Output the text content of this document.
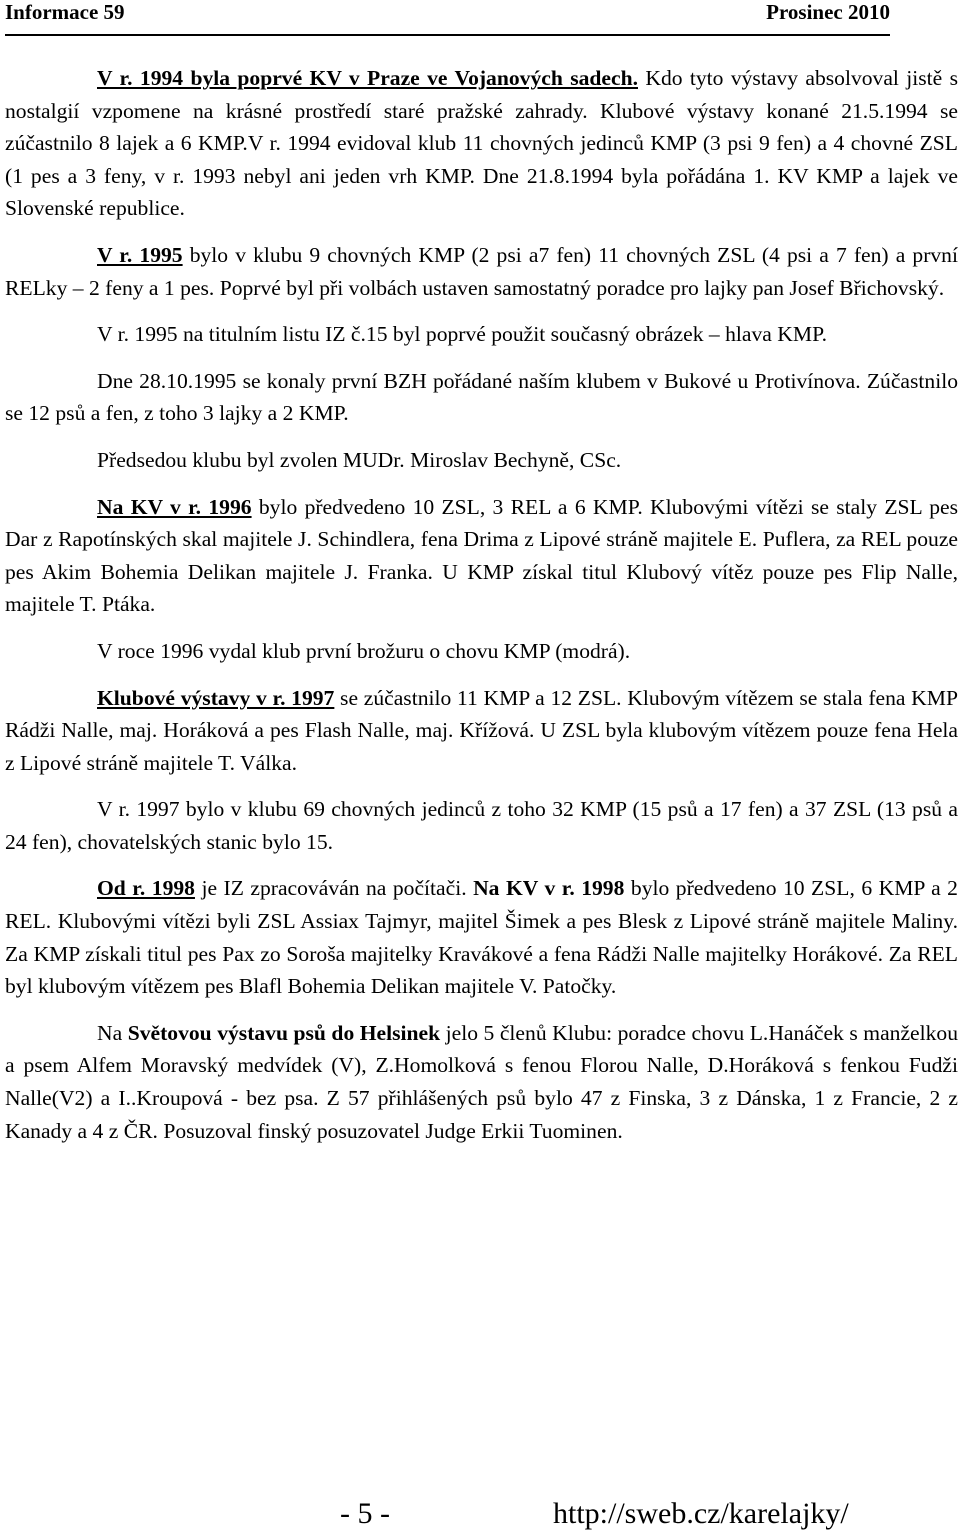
Informace 59	Prosinec 2010

V r. 1994 byla poprvé KV v Praze ve Vojanových sadech. Kdo tyto výstavy absolvoval jistě s nostalgií vzpomene na krásné prostředí staré pražské zahrady. Klubové výstavy konané 21.5.1994 se zúčastnilo 8 lajek a 6 KMP.V r. 1994 evidoval klub 11 chovných jedinců KMP (3 psi 9 fen) a 4 chovné ZSL (1 pes a 3 feny, v r. 1993 nebyl ani jeden vrh KMP. Dne 21.8.1994 byla pořádána 1. KV KMP a lajek ve Slovenské republice.

V r. 1995 bylo v klubu 9 chovných KMP (2 psi a7 fen) 11 chovných ZSL (4 psi a 7 fen) a první RELky – 2 feny a 1 pes. Poprvé byl při volbách ustaven samostatný poradce pro lajky pan Josef Břichovský.

V r. 1995 na titulním listu IZ č.15 byl poprvé použit současný obrázek – hlava KMP.

Dne 28.10.1995 se konaly první BZH pořádané naším klubem v Bukové u Protivínova. Zúčastnilo se 12 psů a fen, z toho 3 lajky a 2 KMP.

Předsedou klubu byl zvolen MUDr. Miroslav Bechyně, CSc.

Na KV v r. 1996 bylo předvedeno 10 ZSL, 3 REL a 6 KMP. Klubovými vítězi se staly ZSL pes Dar z Rapotínských skal majitele J. Schindlera, fena Drima z Lipové stráně majitele E. Puflera, za REL pouze pes Akim Bohemia Delikan majitele J. Franka. U KMP získal titul Klubový vítěz pouze pes Flip Nalle, majitele T. Ptáka.

V roce 1996 vydal klub první brožuru o chovu KMP (modrá).

Klubové výstavy v r. 1997 se zúčastnilo 11 KMP a 12 ZSL. Klubovým vítězem se stala fena KMP Rádži Nalle, maj. Horáková a pes Flash Nalle, maj. Křížová. U ZSL byla klubovým vítězem pouze fena Hela z Lipové stráně majitele T. Válka.

V r. 1997 bylo v klubu 69 chovných jedinců z toho 32 KMP (15 psů a 17 fen) a 37 ZSL (13 psů a 24 fen), chovatelských stanic bylo 15.

Od r. 1998 je IZ zpracováván na počítači. Na KV v r. 1998 bylo předvedeno 10 ZSL, 6 KMP a 2 REL. Klubovými vítězi byli ZSL Assiax Tajmyr, majitel Šimek a pes Blesk z Lipové stráně majitele Maliny. Za KMP získali titul pes Pax zo Soroša majitelky Kravákové a fena Rádži Nalle majitelky Horákové. Za REL byl klubovým vítězem pes Blafl Bohemia Delikan majitele V. Patočky.

Na Světovou výstavu psů do Helsinek jelo 5 členů Klubu: poradce chovu L.Hanáček s manželkou a psem Alfem Moravský medvídek (V), Z.Homolková s fenou Florou Nalle, D.Horáková s fenkou Fudži Nalle(V2) a I..Kroupová - bez psa. Z 57 přihlášených psů bylo 47 z Finska, 3 z Dánska, 1 z Francie, 2 z Kanady a 4 z ČR. Posuzoval finský posuzovatel Judge Erkii Tuominen.

- 5 -	http://sweb.cz/karelajky/
